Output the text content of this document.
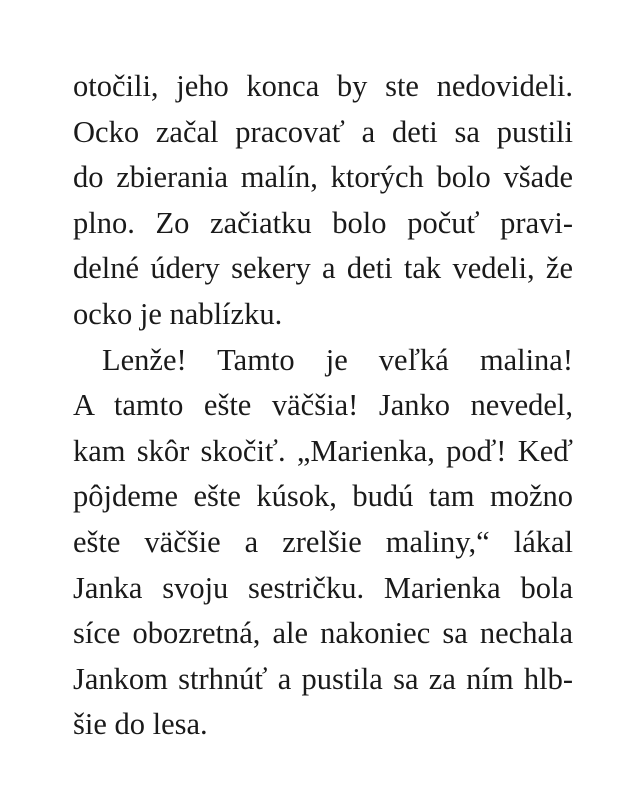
otočili, jeho konca by ste nedovideli.
Ocko začal pracovať a deti sa pustili
do zbierania malín, ktorých bolo všade
plno. Zo začiatku bolo počuť pravi-
delné údery sekery a deti tak vedeli, že
ocko je nablízku.
Lenže! Tamto je veľká malina!
A tamto ešte väčšia! Janko nevedel,
kam skôr skočiť. „Marienka, poď! Keď
pôjdeme ešte kúsok, budú tam možno
ešte väčšie a zrelšie maliny,“ lákal
Janka svoju sestričku. Marienka bola
síce obozretná, ale nakoniec sa nechala
Jankom strhnúť a pustila sa za ním hlb-
šie do lesa.
